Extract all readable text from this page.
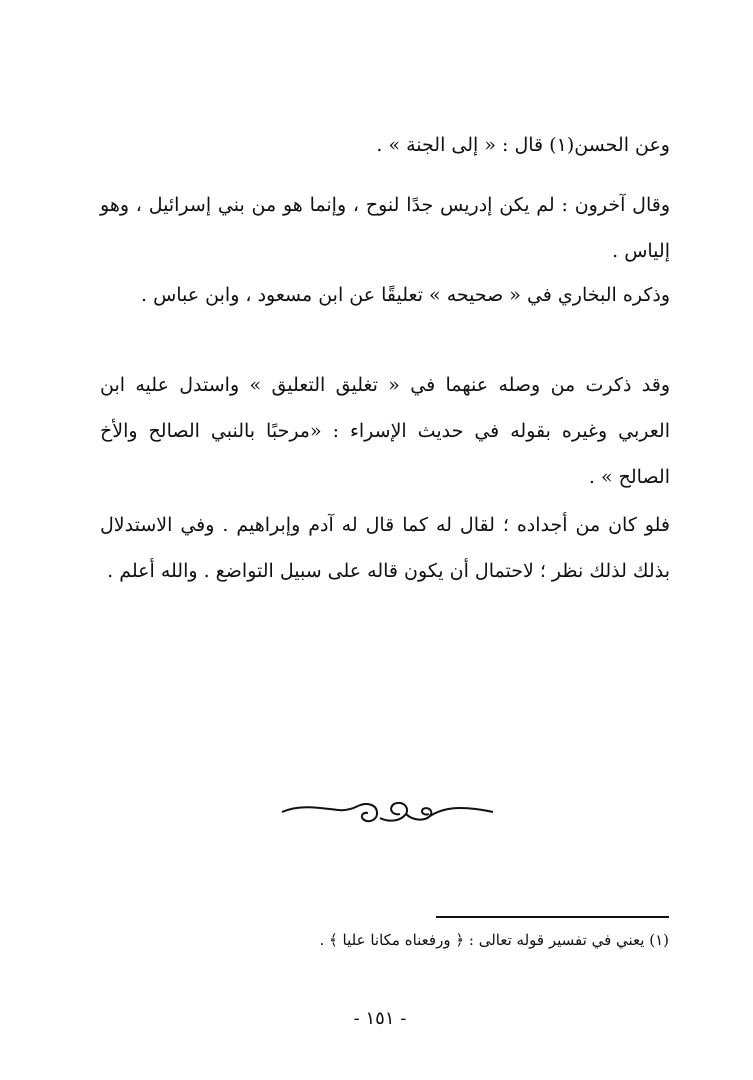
وعن الحسن(١) قال : « إلى الجنة » .

وقال آخرون : لم يكن إدريس جدًا لنوح ، وإنما هو من بني إسرائيل ، وهو إلياس .

وذكره البخاري في « صحيحه » تعليقًا عن ابن مسعود ، وابن عباس .

وقد ذكرت من وصله عنهما في « تغليق التعليق » واستدل عليه ابن العربي وغيره بقوله في حديث الإسراء : «مرحبًا بالنبي الصالح والأخ الصالح » .

فلو كان من أجداده ؛ لقال له كما قال له آدم وإبراهيم . وفي الاستدلال بذلك لذلك نظر ؛ لاحتمال أن يكون قاله على سبيل التواضع . والله أعلم .

(١) يعني في تفسير قوله تعالى : ﴿ ورفعناه مكانا عليا ﴾ .
- ١٥١ -
